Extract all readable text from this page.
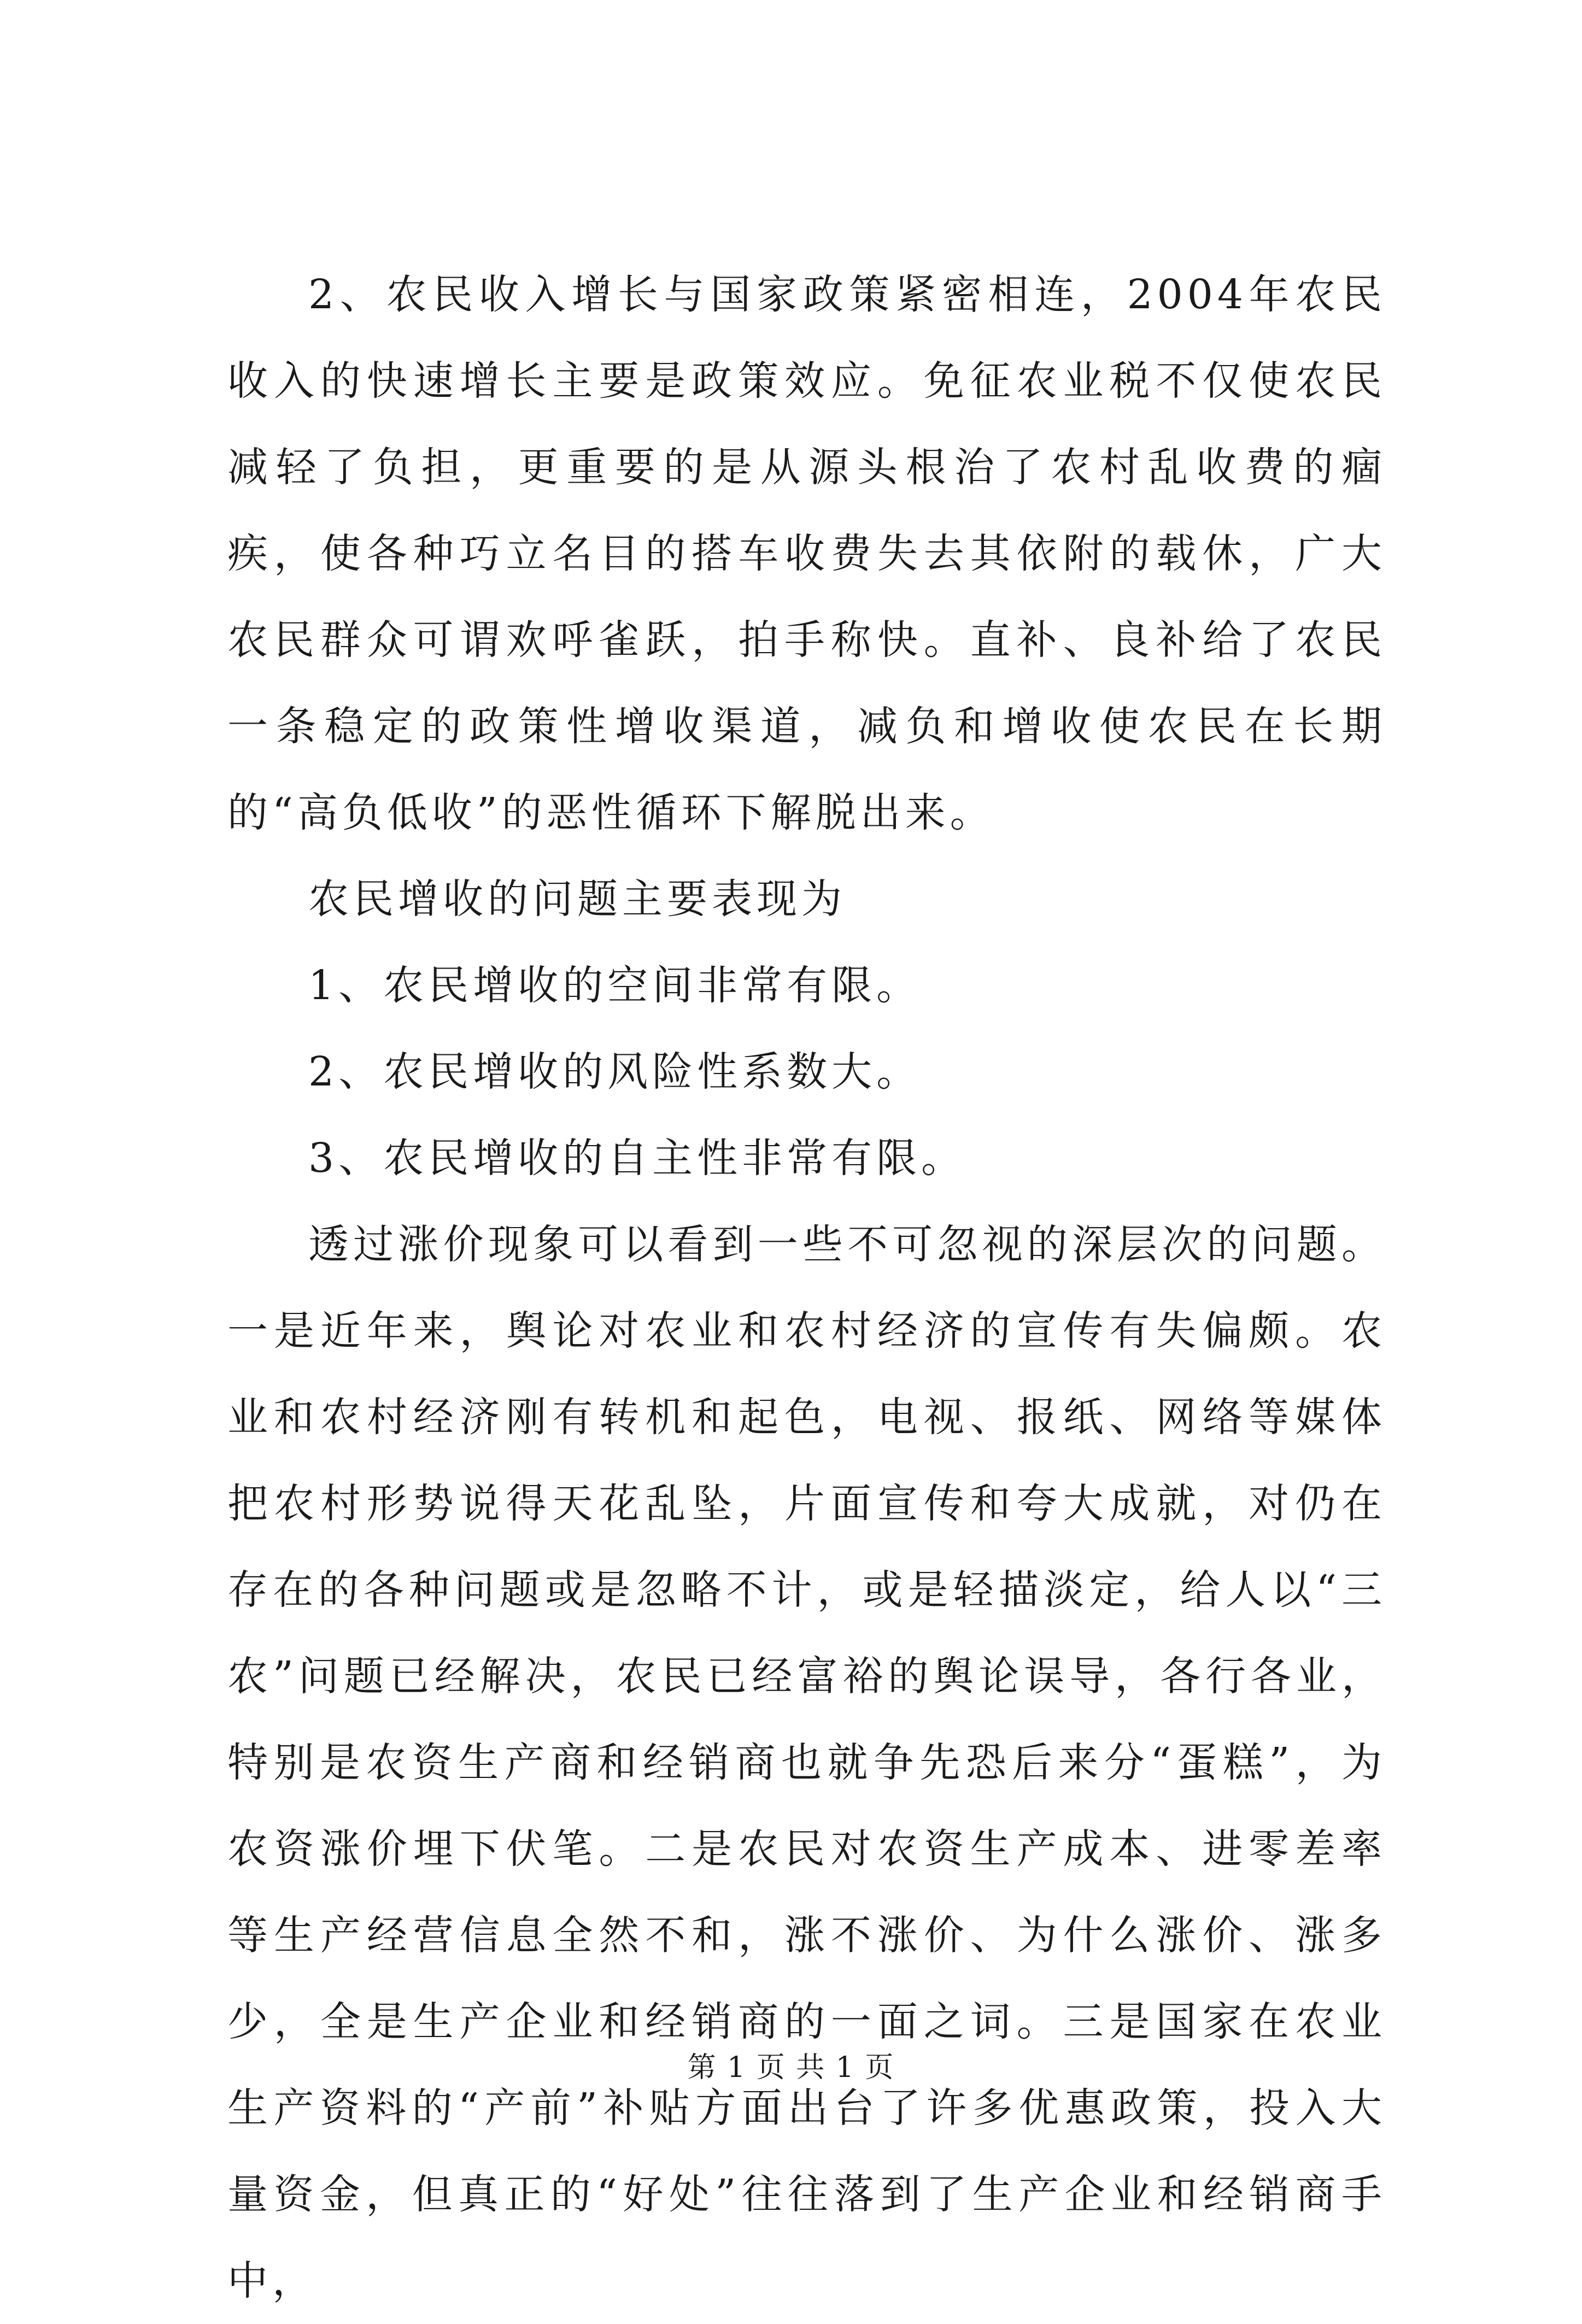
2、农民收入增长与国家政策紧密相连，2004年农民收入的快速增长主要是政策效应。免征农业税不仅使农民减轻了负担，更重要的是从源头根治了农村乱收费的痼疾，使各种巧立名目的搭车收费失去其依附的载休，广大农民群众可谓欢呼雀跃，拍手称快。直补、良补给了农民一条稳定的政策性增收渠道，减负和增收使农民在长期的“高负低收”的恶性循环下解脱出来。

农民增收的问题主要表现为

1、农民增收的空间非常有限。

2、农民增收的风险性系数大。

3、农民增收的自主性非常有限。

透过涨价现象可以看到一些不可忽视的深层次的问题。一是近年来，舆论对农业和农村经济的宣传有失偏颇。农业和农村经济刚有转机和起色，电视、报纸、网络等媒体把农村形势说得天花乱坠，片面宣传和夸大成就，对仍在存在的各种问题或是忽略不计，或是轻描淡定，给人以“三农”问题已经解决，农民已经富裕的舆论误导，各行各业，特别是农资生产商和经销商也就争先恐后来分“蛋糕”，为农资涨价埋下伏笔。二是农民对农资生产成本、进零差率等生产经营信息全然不和，涨不涨价、为什么涨价、涨多少，全是生产企业和经销商的一面之词。三是国家在农业生产资料的“产前”补贴方面出台了许多优惠政策，投入大量资金，但真正的“好处”往往落到了生产企业和经销商手中，

第 1 页 共 1 页
